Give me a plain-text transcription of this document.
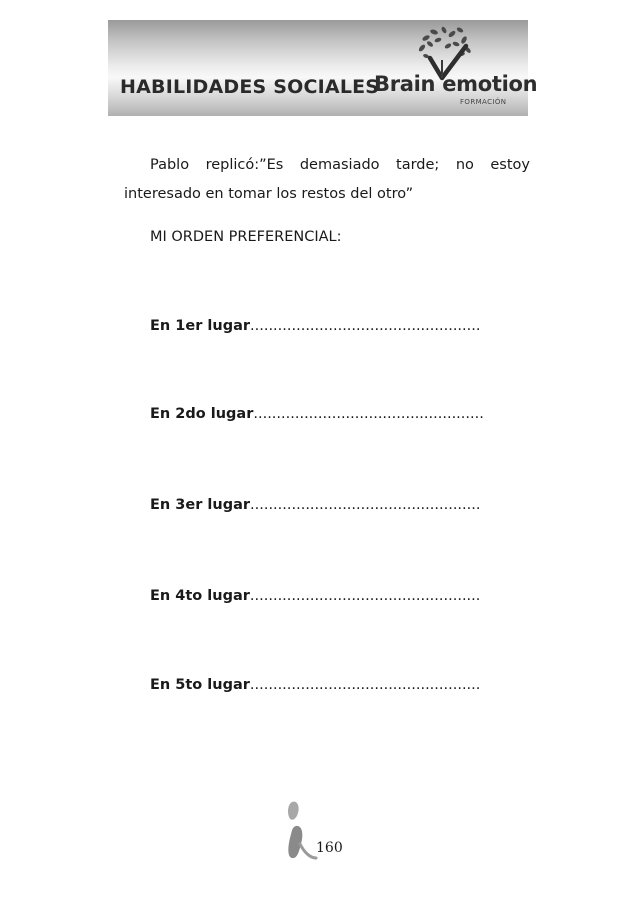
HABILIDADES SOCIALES
Brain emotion
FORMACIÓN

Pablo replicó:”Es demasiado tarde; no estoy interesado en tomar los restos del otro”

MI ORDEN PREFERENCIAL:

En 1er lugar..................................................
En 2do lugar..................................................
En 3er lugar..................................................
En 4to lugar..................................................
En 5to lugar..................................................
160
